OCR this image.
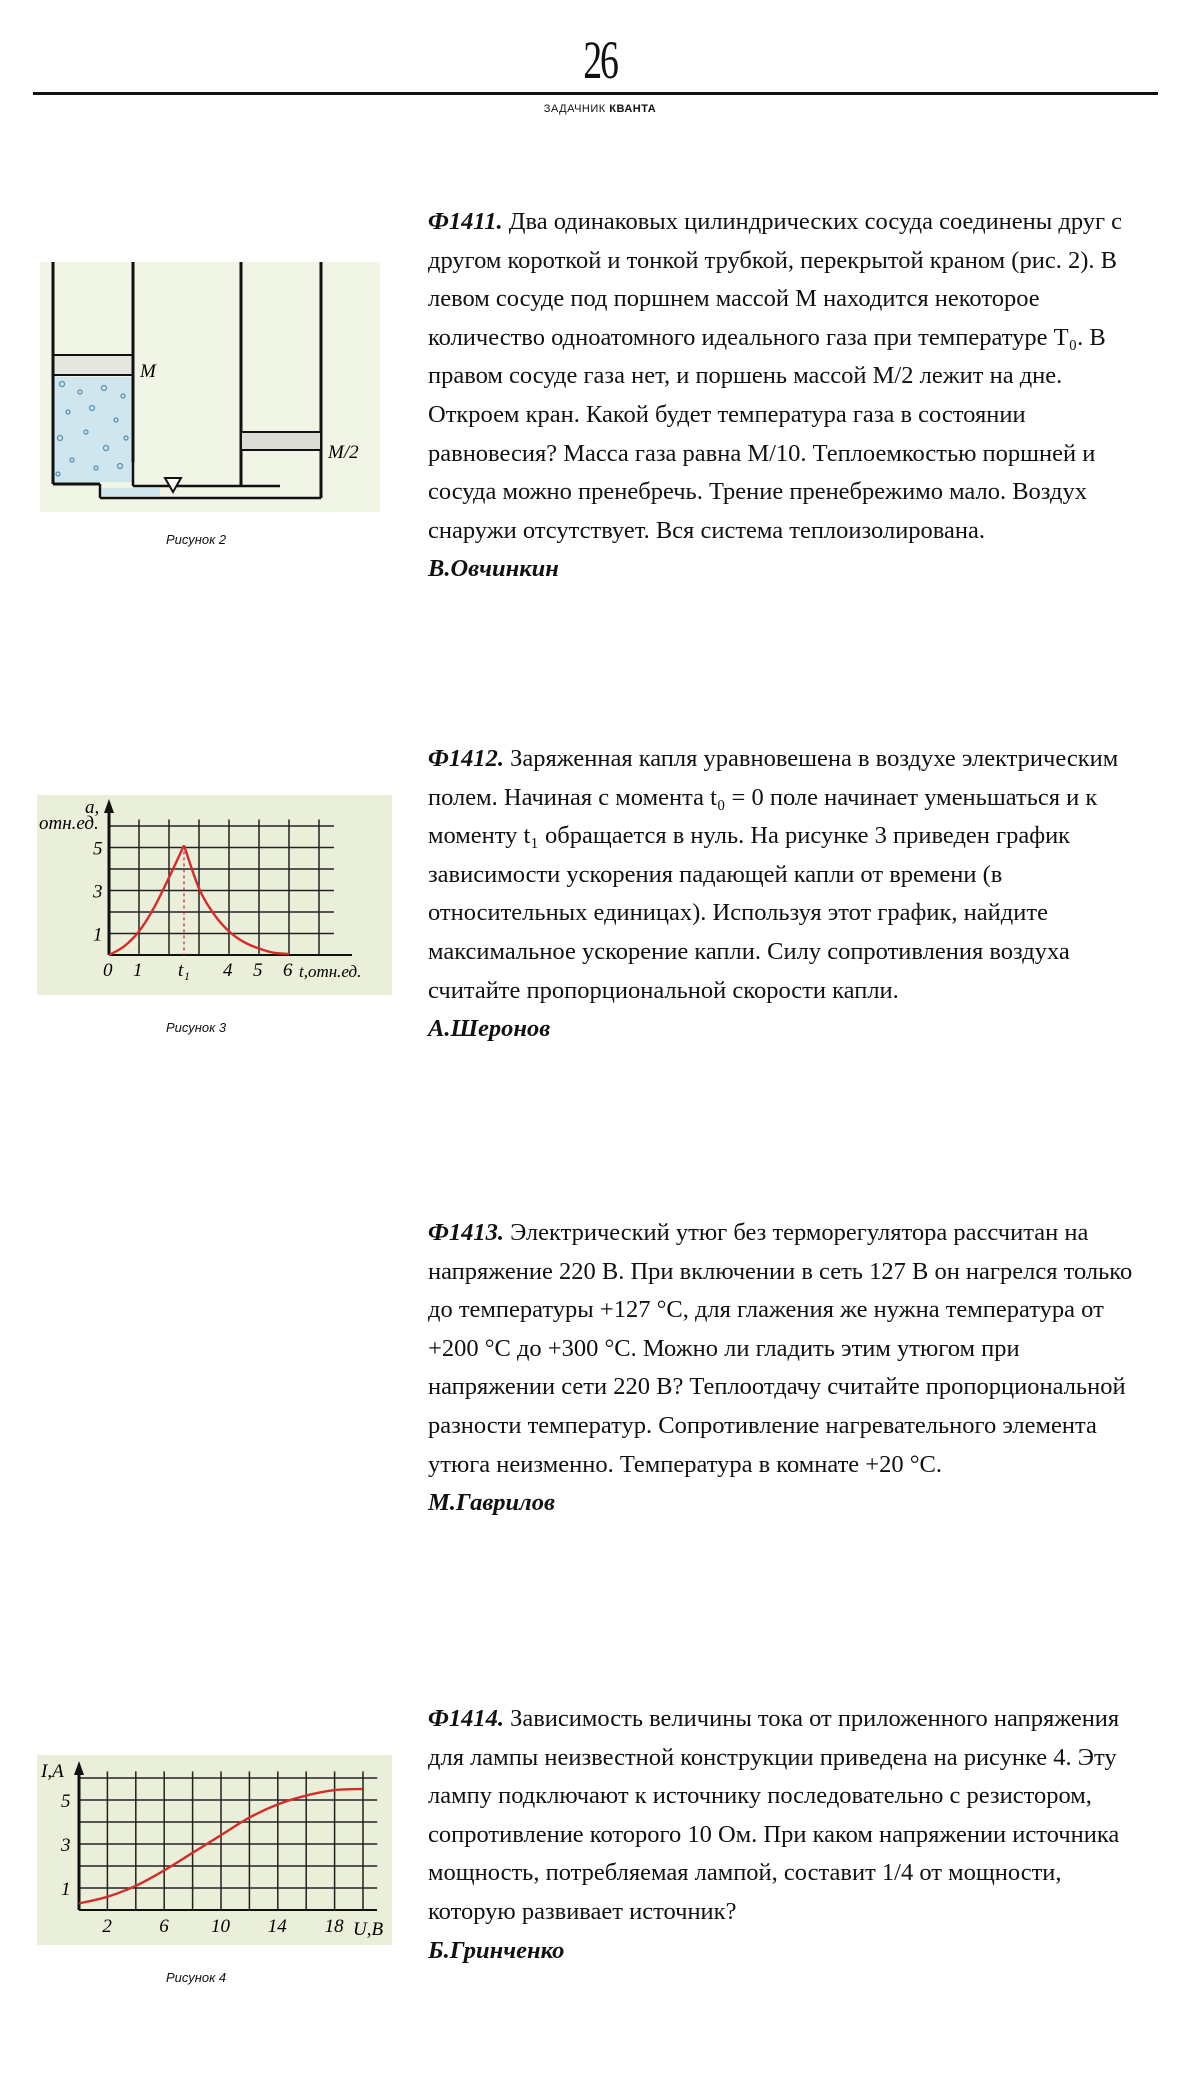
26
ЗАДАЧНИК КВАНТА

Ф1411. Два одинаковых цилиндрических сосуда соединены друг с другом короткой и тонкой трубкой, перекрытой краном (рис. 2). В левом сосуде под поршнем массой M находится некоторое количество одноатомного идеального газа при температуре T₀. В правом сосуде газа нет, и поршень массой M/2 лежит на дне. Откроем кран. Какой будет температура газа в состоянии равновесия? Масса газа равна M/10. Теплоемкостью поршней и сосуда можно пренебречь. Трение пренебрежимо мало. Воздух снаружи отсутствует. Вся система теплоизолирована.
В.Овчинкин

Ф1412. Заряженная капля уравновешена в воздухе электрическим полем. Начиная с момента t₀ = 0 поле начинает уменьшаться и к моменту t₁ обращается в нуль. На рисунке 3 приведен график зависимости ускорения падающей капли от времени (в относительных единицах). Используя этот график, найдите максимальное ускорение капли. Силу сопротивления воздуха считайте пропорциональной скорости капли.
А.Шеронов

Ф1413. Электрический утюг без терморегулятора рассчитан на напряжение 220 В. При включении в сеть 127 В он нагрелся только до температуры +127 °С, для глажения же нужна температура от +200 °С до +300 °С. Можно ли гладить этим утюгом при напряжении сети 220 В? Теплоотдачу считайте пропорциональной разности температур. Сопротивление нагревательного элемента утюга неизменно. Температура в комнате +20 °С.
М.Гаврилов

Ф1414. Зависимость величины тока от приложенного напряжения для лампы неизвестной конструкции приведена на рисунке 4. Эту лампу подключают к источнику последовательно с резистором, сопротивление которого 10 Ом. При каком напряжении источника мощность, потребляемая лампой, составит 1/4 от мощности, которую развивает источник?
Б.Гринченко

M
M/2
Рисунок 2
a,
отн.ед.
t,отн.ед.
5
3
1
0 1 t₁ 4 5 6
Рисунок 3
I,A
U,B
5
3
1
2 6 10 14 18
Рисунок 4
